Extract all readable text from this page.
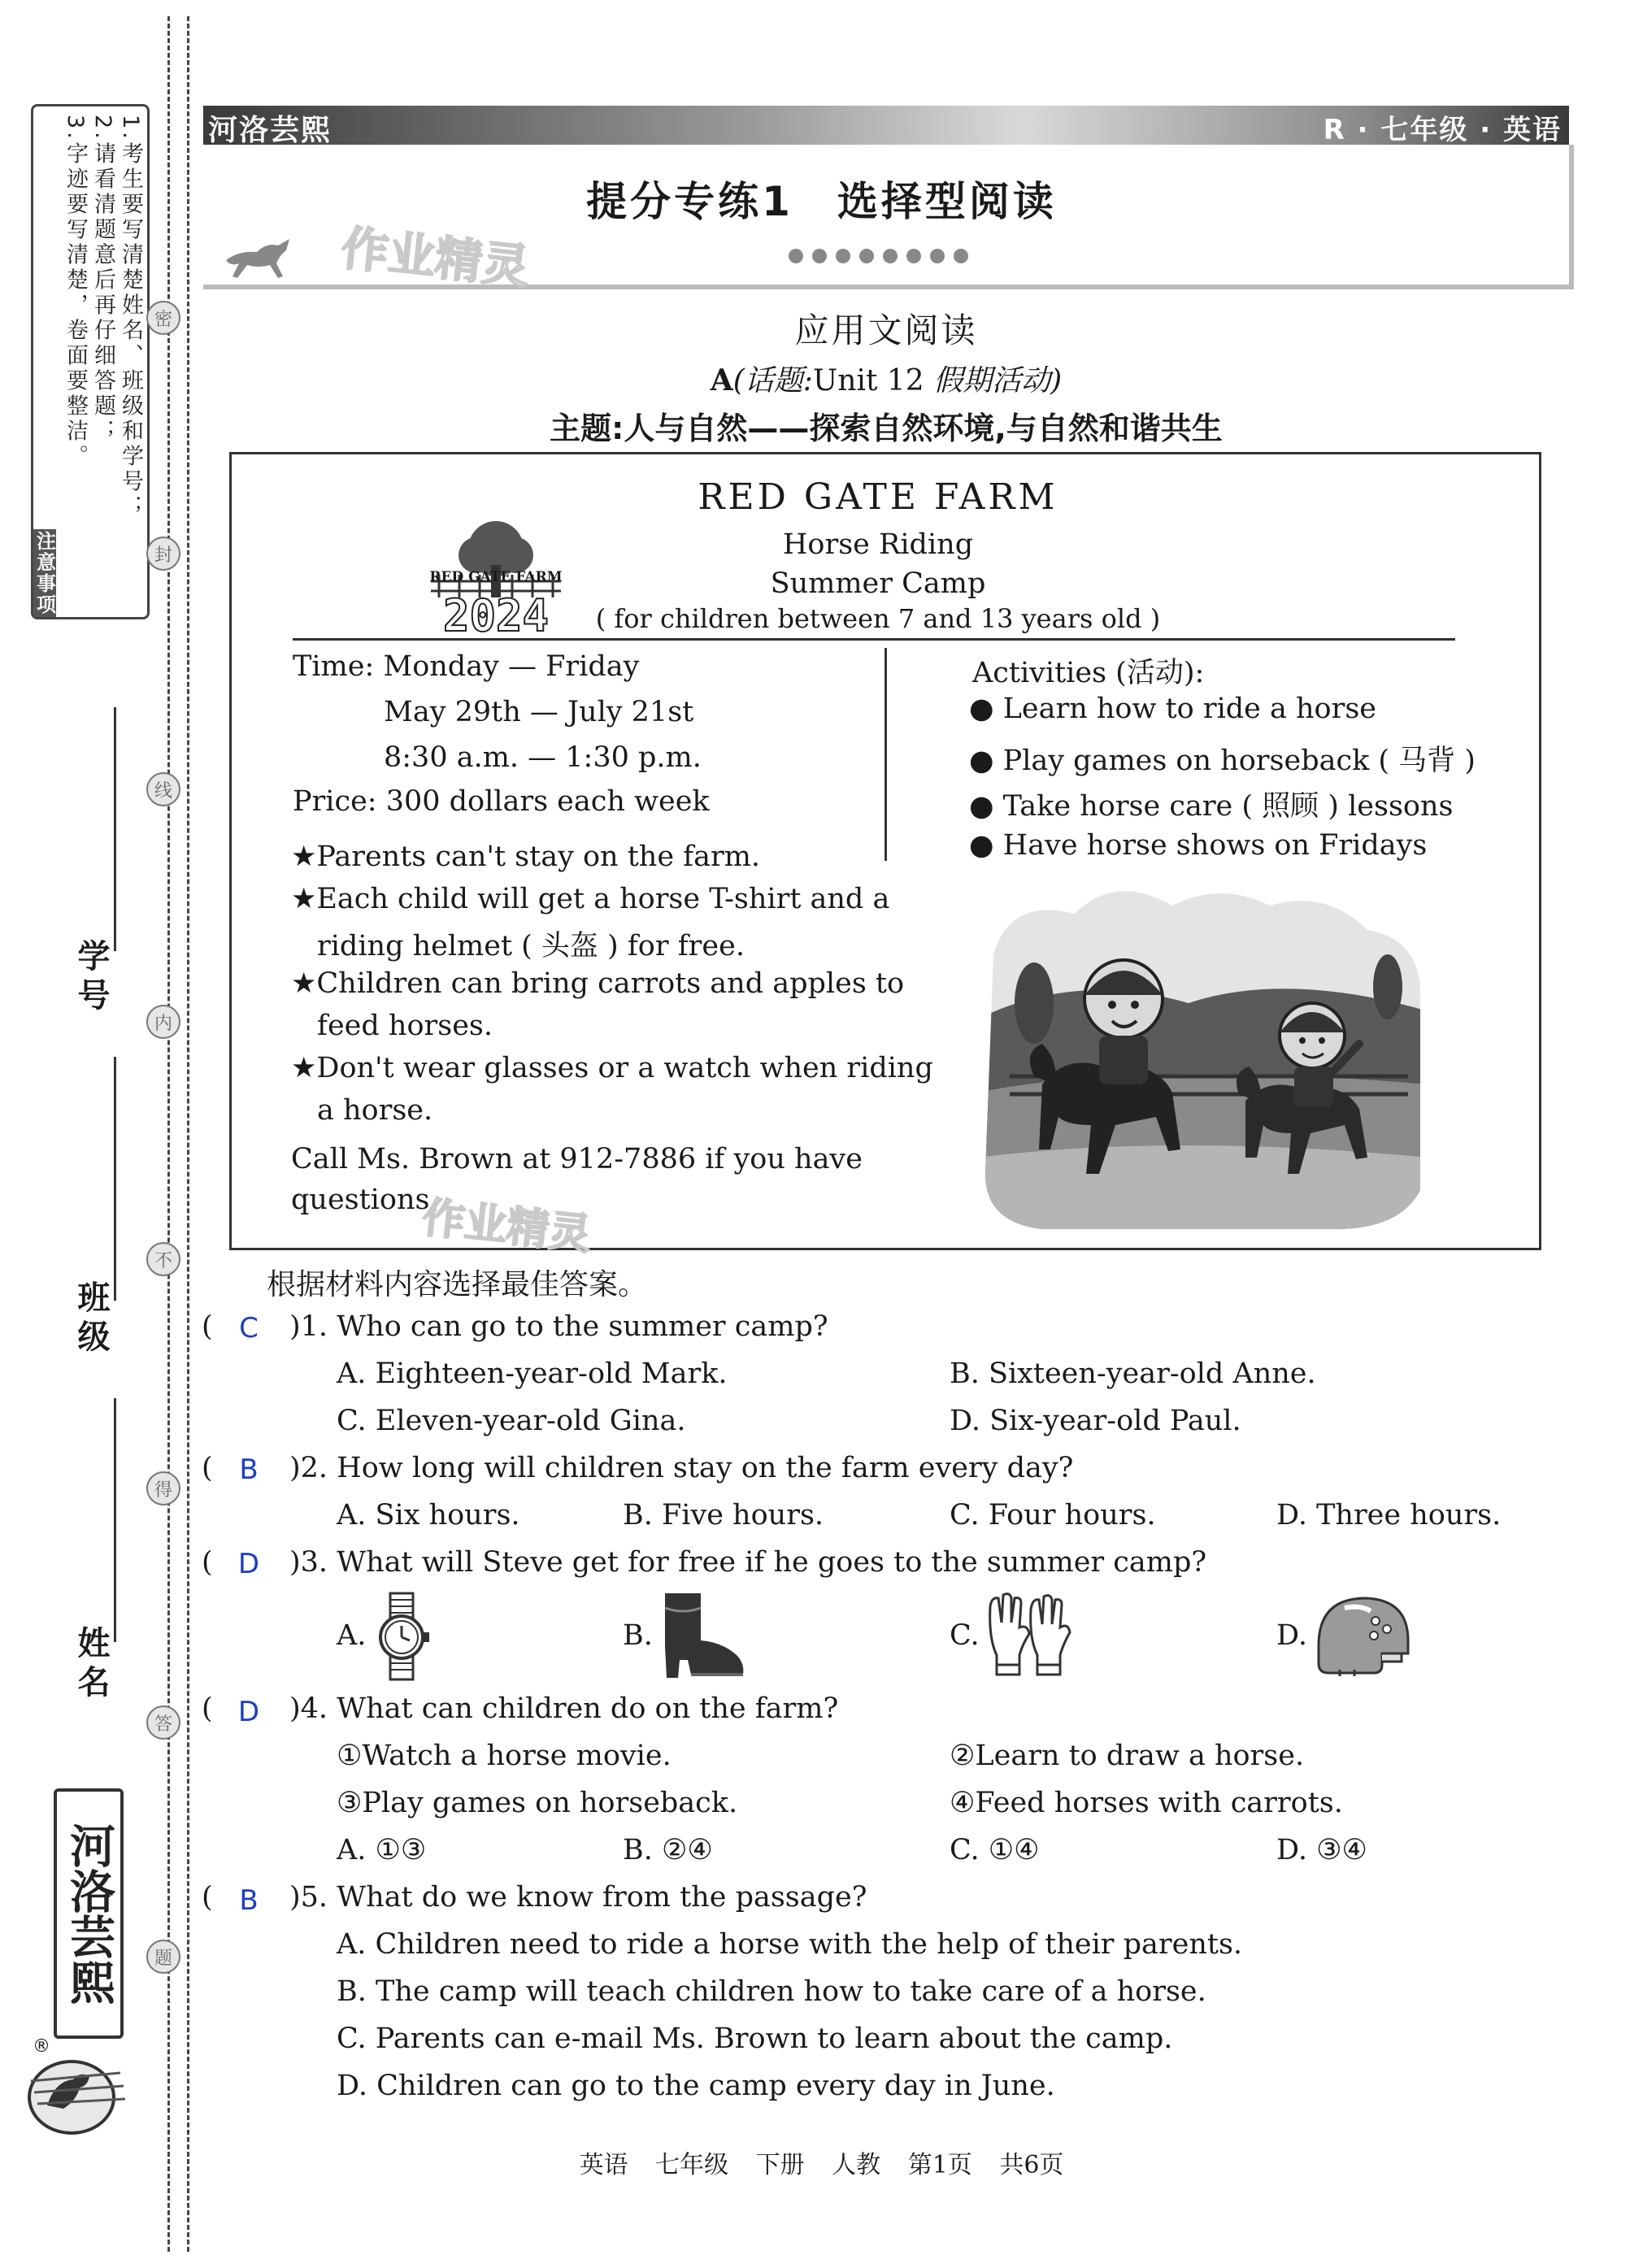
注意事项
1.考生要写清楚姓名、班级和学号；
2.请看清题意后再仔细答题；
3.字迹要写清楚，卷面要整洁。	密
封
线
内
不
得
答
题
学号
班级
姓名
河洛芸熙
®
河洛芸熙	R · 七年级 · 英语
作业精灵
提分专练1　选择型阅读
应用文阅读
A(话题:Unit 12 假期活动)
主题:人与自然——探索自然环境,与自然和谐共生
RED GATE FARM
2024
RED GATE FARM
Horse Riding
Summer Camp
( for children between 7 and 13 years old )
Time: Monday — Friday
May 29th — July 21st
8:30 a.m. — 1:30 p.m.
Price: 300 dollars each week
★Parents can't stay on the farm.
★Each child will get a horse T-shirt and a
riding helmet ( 头盔 ) for free.
★Children can bring carrots and apples to
feed horses.
★Don't wear glasses or a watch when riding
a horse.
Call Ms. Brown at 912-7886 if you have
questions.
作业精灵
Activities (活动):
● Learn how to ride a horse
● Play games on horseback ( 马背 )
● Take horse care ( 照顾 ) lessons
● Have horse shows on Fridays
根据材料内容选择最佳答案。
( C )1. Who can go to the summer camp?
A. Eighteen-year-old Mark.	B. Sixteen-year-old Anne.
C. Eleven-year-old Gina.	D. Six-year-old Paul.
( B )2. How long will children stay on the farm every day?
A. Six hours.	B. Five hours.	C. Four hours.	D. Three hours.
( D )3. What will Steve get for free if he goes to the summer camp?
A.	B.	C.	D.
( D )4. What can children do on the farm?
①Watch a horse movie.	②Learn to draw a horse.
③Play games on horseback.	④Feed horses with carrots.
A. ①③	B. ②④	C. ①④	D. ③④
( B )5. What do we know from the passage?
A. Children need to ride a horse with the help of their parents.
B. The camp will teach children how to take care of a horse.
C. Parents can e-mail Ms. Brown to learn about the camp.
D. Children can go to the camp every day in June.
英语 七年级 下册 人教 第1页 共6页
